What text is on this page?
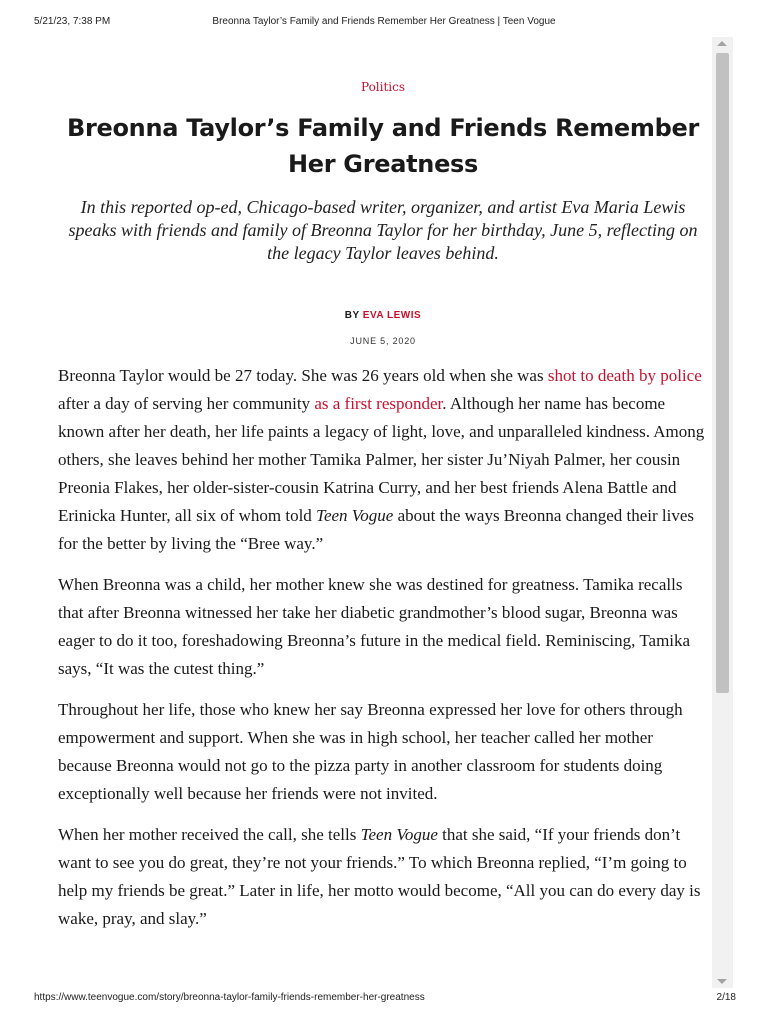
5/21/23, 7:38 PM	Breonna Taylor’s Family and Friends Remember Her Greatness | Teen Vogue
Politics
Breonna Taylor’s Family and Friends Remember
Her Greatness

In this reported op-ed, Chicago-based writer, organizer, and artist Eva Maria Lewis speaks with friends and family of Breonna Taylor for her birthday, June 5, reflecting on the legacy Taylor leaves behind.

BY EVA LEWIS
JUNE 5, 2020

Breonna Taylor would be 27 today. She was 26 years old when she was shot to death by police after a day of serving her community as a first responder. Although her name has become known after her death, her life paints a legacy of light, love, and unparalleled kindness. Among others, she leaves behind her mother Tamika Palmer, her sister Ju’Niyah Palmer, her cousin Preonia Flakes, her older-sister-cousin Katrina Curry, and her best friends Alena Battle and Erinicka Hunter, all six of whom told Teen Vogue about the ways Breonna changed their lives for the better by living the “Bree way.”

When Breonna was a child, her mother knew she was destined for greatness. Tamika recalls that after Breonna witnessed her take her diabetic grandmother’s blood sugar, Breonna was eager to do it too, foreshadowing Breonna’s future in the medical field. Reminiscing, Tamika says, “It was the cutest thing.”

Throughout her life, those who knew her say Breonna expressed her love for others through empowerment and support. When she was in high school, her teacher called her mother because Breonna would not go to the pizza party in another classroom for students doing exceptionally well because her friends were not invited.

When her mother received the call, she tells Teen Vogue that she said, “If your friends don’t want to see you do great, they’re not your friends.” To which Breonna replied, “I’m going to help my friends be great.” Later in life, her motto would become, “All you can do every day is wake, pray, and slay.”

https://www.teenvogue.com/story/breonna-taylor-family-friends-remember-her-greatness	2/18
